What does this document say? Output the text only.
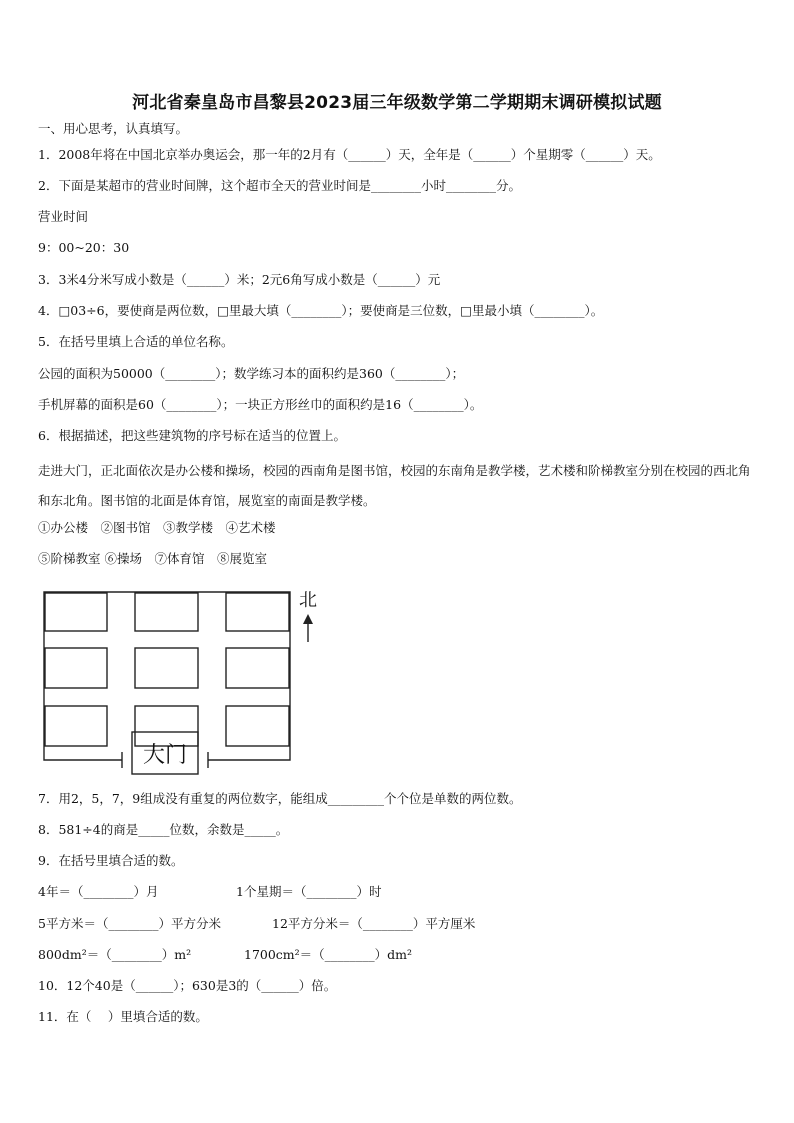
河北省秦皇岛市昌黎县2023届三年级数学第二学期期末调研模拟试题
一、用心思考，认真填写。
1．2008年将在中国北京举办奥运会，那一年的2月有（______）天，全年是（______）个星期零（______）天。
2．下面是某超市的营业时间牌，这个超市全天的营业时间是________小时________分。
营业时间
9：00~20：30
3．3米4分米写成小数是（______）米；2元6角写成小数是（______）元
4．□03÷6，要使商是两位数，□里最大填（________）；要使商是三位数，□里最小填（________）。
5．在括号里填上合适的单位名称。
公园的面积为50000（________）；数学练习本的面积约是360（________）；
手机屏幕的面积是60（________）；一块正方形丝巾的面积约是16（________）。
6．根据描述，把这些建筑物的序号标在适当的位置上。
走进大门，正北面依次是办公楼和操场，校园的西南角是图书馆，校园的东南角是教学楼，艺术楼和阶梯教室分别在校园的西北角和东北角。图书馆的北面是体育馆，展览室的南面是教学楼。
①办公楼　②图书馆　③教学楼　④艺术楼
⑤阶梯教室 ⑥操场　⑦体育馆　⑧展览室
大门
北
7．用2，5，7，9组成没有重复的两位数字，能组成_________个个位是单数的两位数。
8．581÷4的商是_____位数，余数是_____。
9．在括号里填合适的数。
4年＝（________）月	1个星期＝（________）时
5平方米＝（________）平方分米	12平方分米＝（________）平方厘米
800dm²＝（________）m²	1700cm²＝（________）dm²
10．12个40是（______）；630是3的（______）倍。
11．在（　 ）里填合适的数。
